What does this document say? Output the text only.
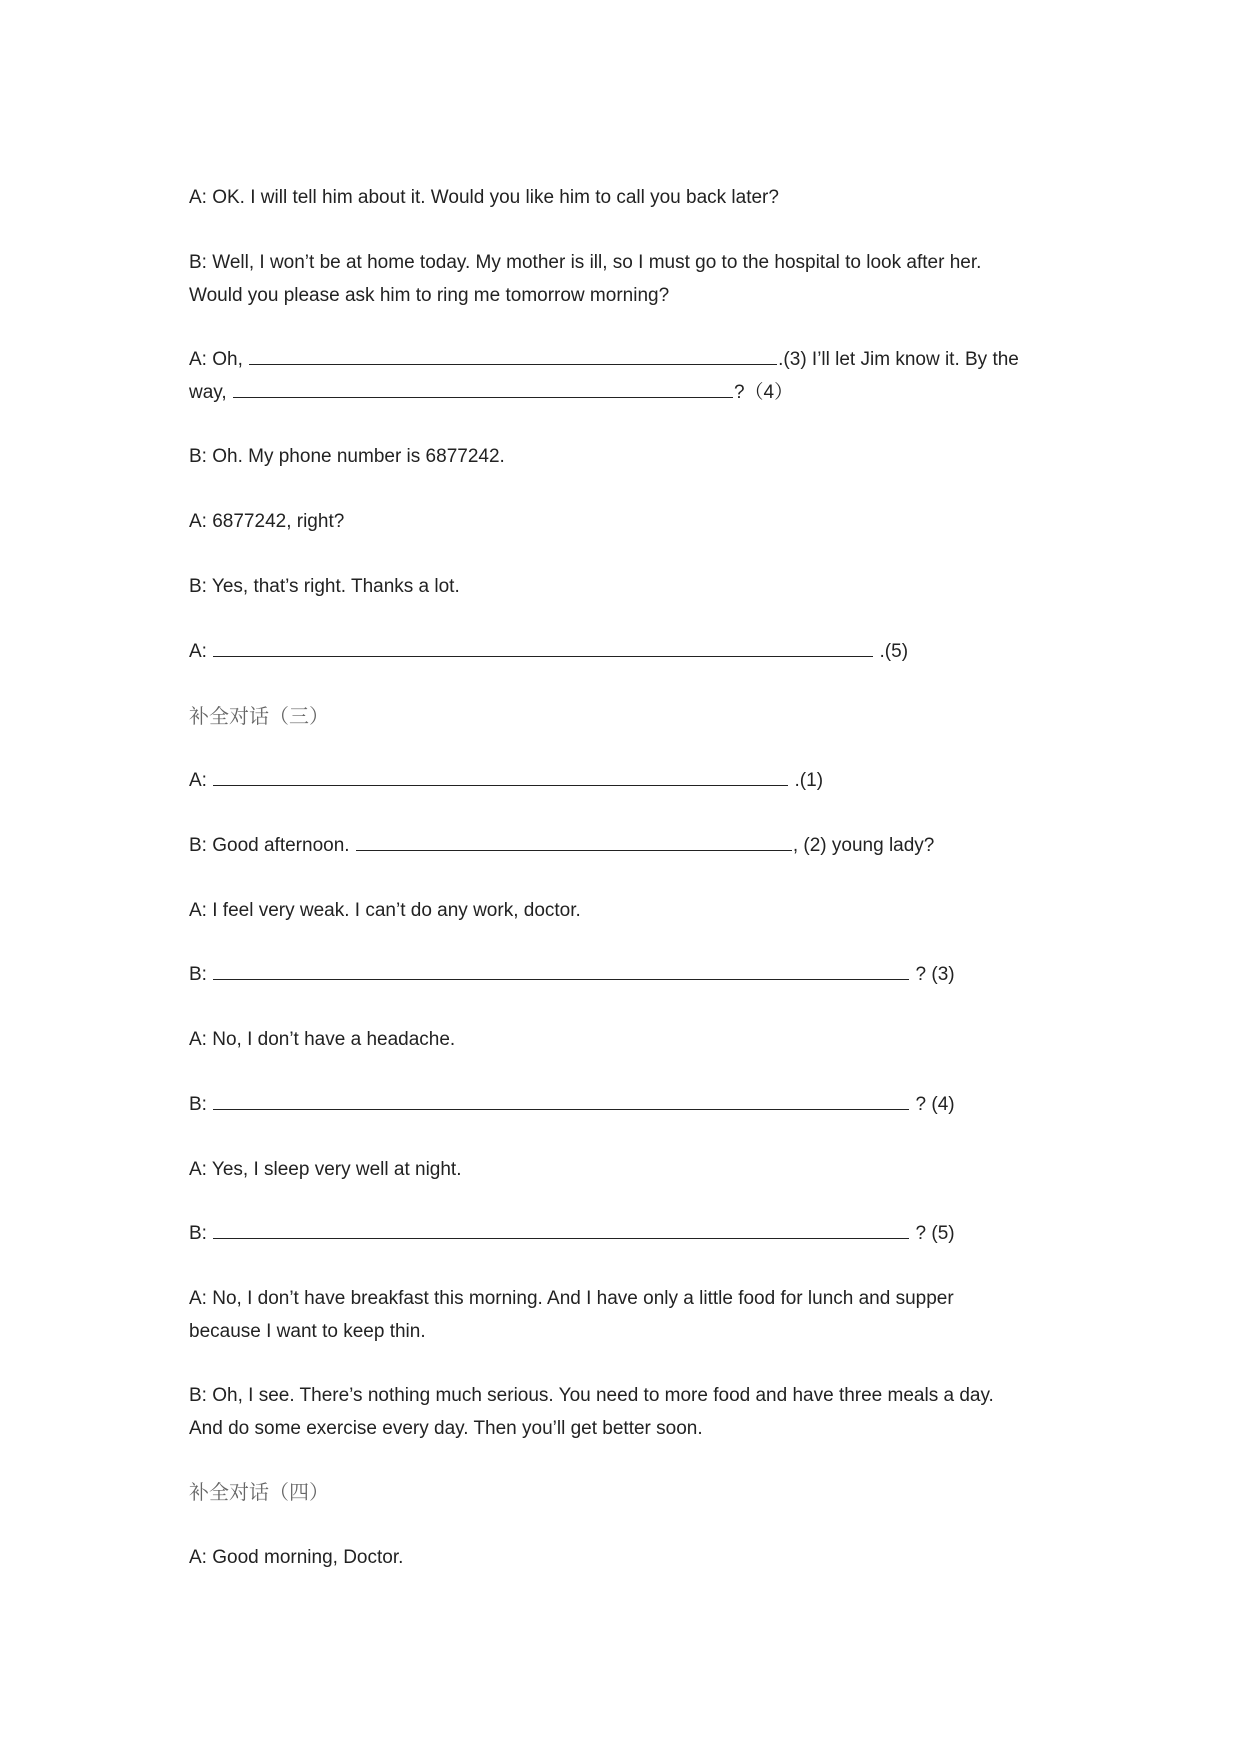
A: OK. I will tell him about it. Would you like him to call you back later?
B: Well, I won’t be at home today. My mother is ill, so I must go to the hospital to look after her.
Would you please ask him to ring me tomorrow morning?
A: Oh,	.(3) I’ll let Jim know it. By the
way,	?（4）
B: Oh. My phone number is 6877242.
A: 6877242, right?
B: Yes, that’s right. Thanks a lot.
A:	.(5)
补全对话（三）
A:	.(1)
B: Good afternoon.	, (2) young lady?
A: I feel very weak. I can’t do any work, doctor.
B:	? (3)
A: No, I don’t have a headache.
B:	? (4)
A: Yes, I sleep very well at night.
B:	? (5)
A: No, I don’t have breakfast this morning. And I have only a little food for lunch and supper
because I want to keep thin.
B: Oh, I see. There’s nothing much serious. You need to more food and have three meals a day.
And do some exercise every day. Then you’ll get better soon.
补全对话（四）
A: Good morning, Doctor.
